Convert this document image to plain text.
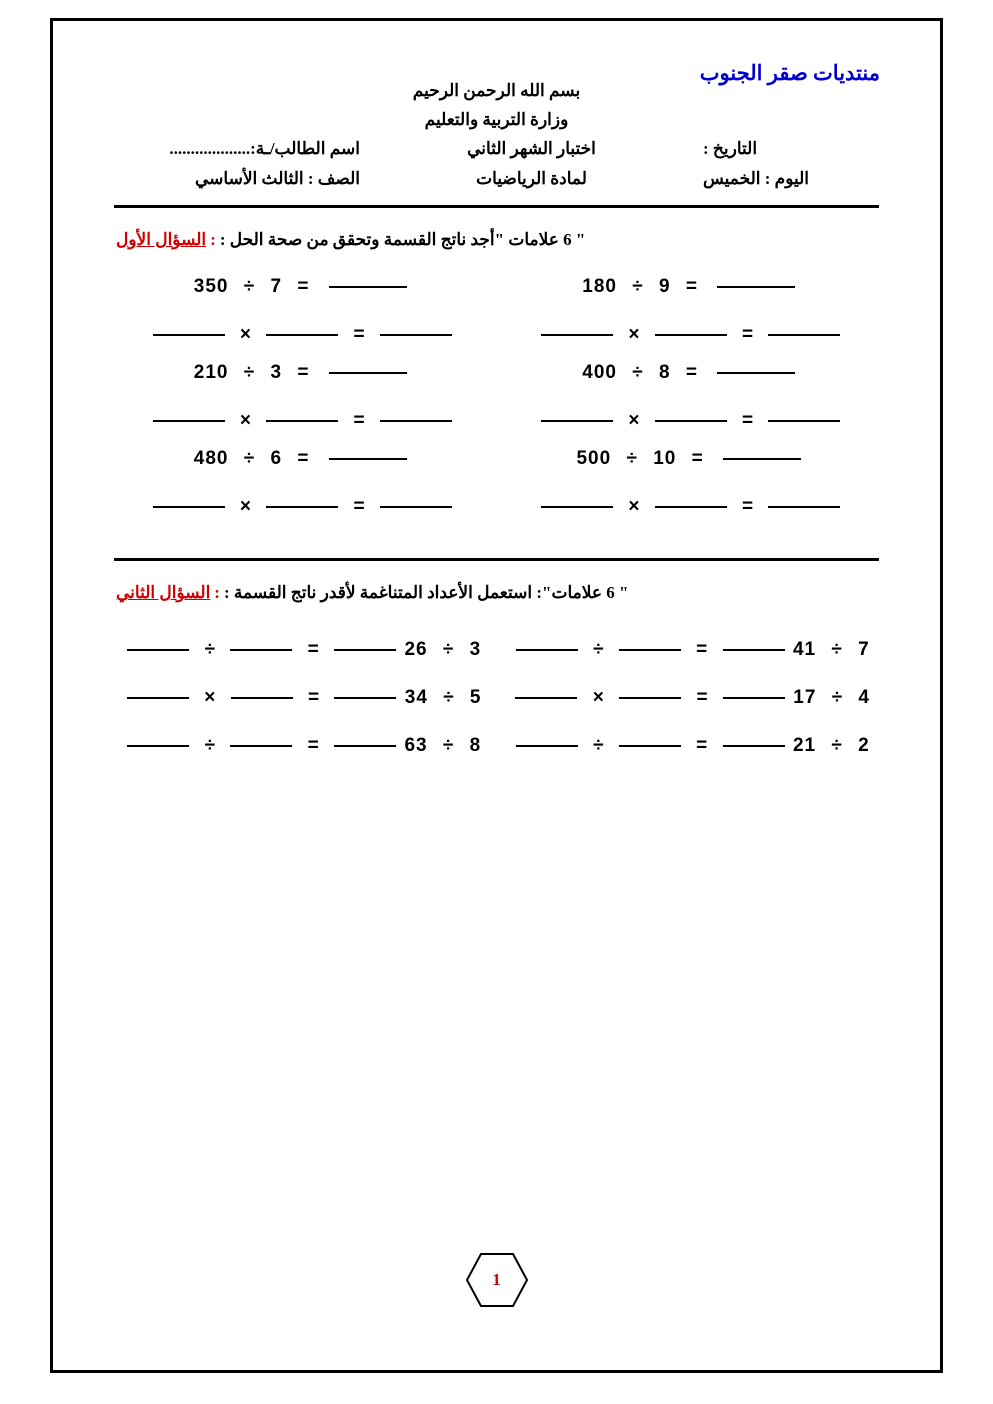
منتديات صقر الجنوب
بسم الله الرحمن الرحيم
وزارة التربية والتعليم
اسم الطالب/ـة:...................	اختبار الشهر الثاني	التاريخ :
الصف : الثالث الأساسي	لمادة الرياضيات	اليوم : الخميس
السؤال الأول : أجد ناتج القسمة وتحقق من صحة الحل : " 6 علامات "
180 ÷ 9 =   ×	=
350 ÷ 7 =   ×	=
400 ÷ 8 =   ×	=
210 ÷ 3 =   ×	=
500 ÷ 10 =   ×	=
480 ÷ 6 =   ×	=
السؤال الثاني : : استعمل الأعداد المتناغمة لأقدر ناتج القسمة : " 6 علامات"
41 ÷ 7  ÷	=
26 ÷ 3  ÷	=
17 ÷ 4  ×	=
34 ÷ 5  ×	=
21 ÷ 2  ÷	=
63 ÷ 8  ÷	=
1
